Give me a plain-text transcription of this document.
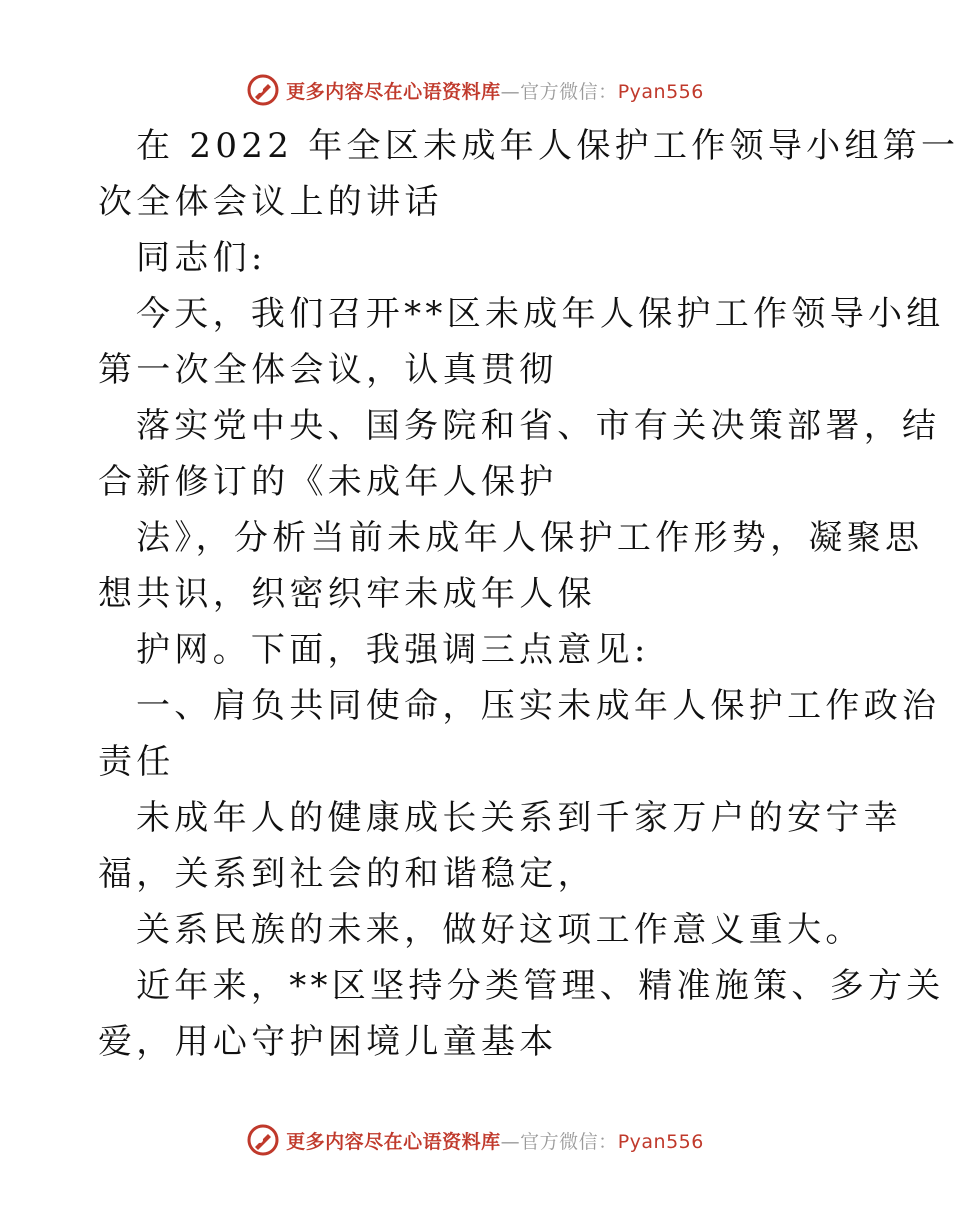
更多内容尽在心语资料库—官方微信：Pyan556
在 2022 年全区未成年人保护工作领导小组第一
次全体会议上的讲话
同志们:
今天，我们召开**区未成年人保护工作领导小组
第一次全体会议，认真贯彻
落实党中央、国务院和省、市有关决策部署，结
合新修订的《未成年人保护
法》，分析当前未成年人保护工作形势，凝聚思
想共识，织密织牢未成年人保
护网。下面，我强调三点意见:
一、肩负共同使命，压实未成年人保护工作政治
责任
未成年人的健康成长关系到千家万户的安宁幸
福，关系到社会的和谐稳定，
关系民族的未来，做好这项工作意义重大。
近年来，**区坚持分类管理、精准施策、多方关
爱，用心守护困境儿童基本
更多内容尽在心语资料库—官方微信：Pyan556
